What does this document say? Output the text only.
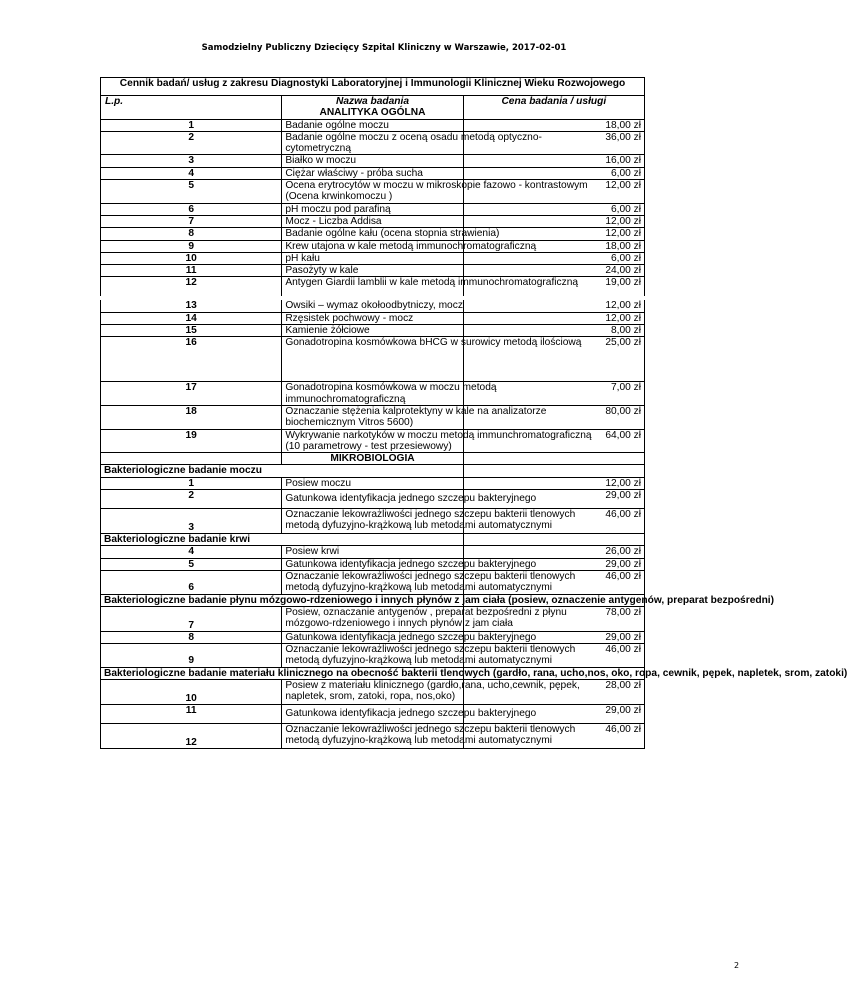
Samodzielny Publiczny Dziecięcy Szpital Kliniczny w Warszawie, 2017-02-01
Cennik badań/ usług z zakresu Diagnostyki Laboratoryjnej i Immunologii Klinicznej Wieku Rozwojowego		
L.p.	Nazwa badania	Cena badania / usługi
	ANALITYKA OGÓLNA	
1	Badanie ogólne moczu	18,00 zł
2	Badanie ogólne moczu z oceną osadu metodą optyczno-
cytometryczną	36,00 zł
3	Białko w moczu	16,00 zł
4	Ciężar właściwy - próba sucha	6,00 zł
5	Ocena erytrocytów w moczu w mikroskopie fazowo - kontrastowym
(Ocena krwinkomoczu )	12,00 zł
6	pH moczu pod parafiną	6,00 zł
7	Mocz - Liczba Addisa	12,00 zł
8	Badanie ogólne kału (ocena stopnia strawienia)	12,00 zł
9	Krew utajona w kale metodą immunochromatograficzną	18,00 zł
10	pH kału	6,00 zł
11	Pasożyty w kale	24,00 zł
12	Antygen Giardii lamblii w kale metodą immunochromatograficzną	19,00 zł
13	Owsiki – wymaz okołoodbytniczy, mocz	12,00 zł
14	Rzęsistek pochwowy - mocz	12,00 zł
15	Kamienie żółciowe	8,00 zł
16	Gonadotropina kosmówkowa bHCG w surowicy metodą ilościową	25,00 zł
17	Gonadotropina kosmówkowa w moczu metodą
immunochromatograficzną	7,00 zł
18	Oznaczanie stężenia kalprotektyny w kale na analizatorze
biochemicznym Vitros 5600)	80,00 zł
19	Wykrywanie narkotyków w moczu metodą immunchromatograficzną
(10 parametrowy - test przesiewowy)	64,00 zł
	MIKROBIOLOGIA	
Bakteriologiczne badanie moczu		
1	Posiew moczu	12,00 zł
2	Gatunkowa identyfikacja jednego szczepu bakteryjnego	29,00 zł
3	Oznaczanie lekowrażliwości jednego szczepu bakterii tlenowych
metodą dyfuzyjno-krążkową lub metodami automatycznymi	46,00 zł
Bakteriologiczne badanie krwi		
4	Posiew krwi	26,00 zł
5	Gatunkowa identyfikacja jednego szczepu bakteryjnego	29,00 zł
6	Oznaczanie lekowrażliwości jednego szczepu bakterii tlenowych
metodą dyfuzyjno-krążkową lub metodami automatycznymi	46,00 zł
Bakteriologiczne badanie płynu mózgowo-rdzeniowego i innych płynów z jam ciała (posiew, oznaczenie antygenów, preparat bezpośredni)		
7	Posiew, oznaczanie antygenów , preparat bezpośredni z płynu
mózgowo-rdzeniowego i innych płynów z jam ciała	78,00 zł
8	Gatunkowa identyfikacja jednego szczepu bakteryjnego	29,00 zł
9	Oznaczanie lekowrażliwości jednego szczepu bakterii tlenowych
metodą dyfuzyjno-krążkową lub metodami automatycznymi	46,00 zł
Bakteriologiczne badanie materiału klinicznego na obecność bakterii tlenowych (gardło, rana, ucho,nos, oko, ropa, cewnik, pępek, napletek, srom, zatoki)		
10	Posiew z materiału klinicznego (gardło,rana, ucho,cewnik, pępek,
napletek, srom, zatoki, ropa, nos,oko)	28,00 zł
11	Gatunkowa identyfikacja jednego szczepu bakteryjnego	29,00 zł
12	Oznaczanie lekowrażliwości jednego szczepu bakterii tlenowych
metodą dyfuzyjno-krążkową lub metodami automatycznymi	46,00 zł
2
